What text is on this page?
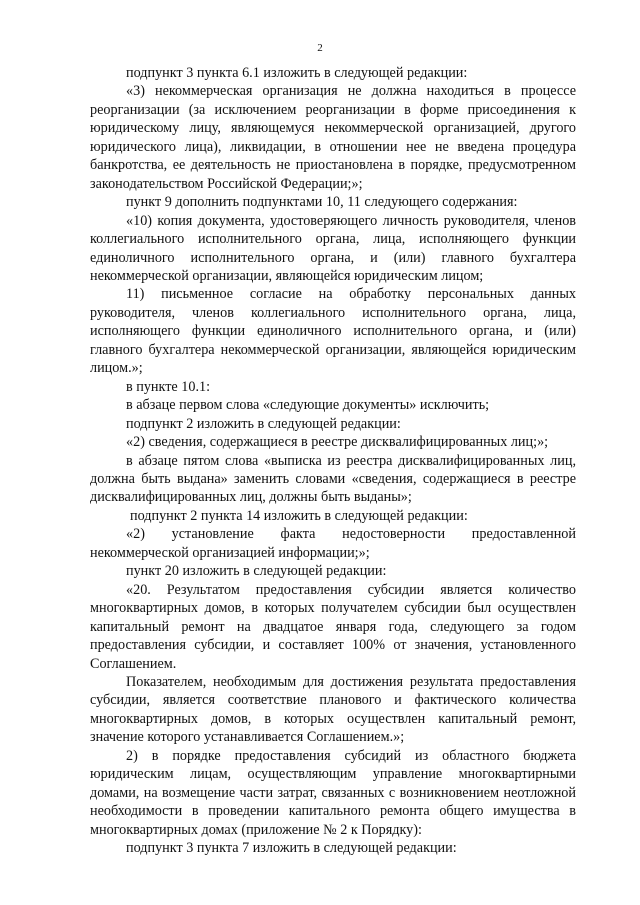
2

подпункт 3 пункта 6.1 изложить в следующей редакции:

«3) некоммерческая организация не должна находиться в процессе реорганизации (за исключением реорганизации в форме присоединения к юридическому лицу, являющемуся некоммерческой организацией, другого юридического лица), ликвидации, в отношении нее не введена процедура банкротства, ее деятельность не приостановлена в порядке, предусмотренном законодательством Российской Федерации;»;

пункт 9 дополнить подпунктами 10, 11 следующего содержания:

«10) копия документа, удостоверяющего личность руководителя, членов коллегиального исполнительного органа, лица, исполняющего функции единоличного исполнительного органа, и (или) главного бухгалтера некоммерческой организации, являющейся юридическим лицом;

11) письменное согласие на обработку персональных данных руководителя, членов коллегиального исполнительного органа, лица, исполняющего функции единоличного исполнительного органа, и (или) главного бухгалтера некоммерческой организации, являющейся юридическим лицом.»;

в пункте 10.1:

в абзаце первом слова «следующие документы» исключить;

подпункт 2 изложить в следующей редакции:

«2) сведения, содержащиеся в реестре дисквалифицированных лиц;»;

в абзаце пятом слова «выписка из реестра дисквалифицированных лиц, должна быть выдана» заменить словами «сведения, содержащиеся в реестре дисквалифицированных лиц, должны быть выданы»;

подпункт 2 пункта 14 изложить в следующей редакции:

«2) установление факта недостоверности предоставленной некоммерческой организацией информации;»;

пункт 20 изложить в следующей редакции:

«20. Результатом предоставления субсидии является количество многоквартирных домов, в которых получателем субсидии был осуществлен капитальный ремонт на двадцатое января года, следующего за годом предоставления субсидии, и составляет 100% от значения, установленного Соглашением.

Показателем, необходимым для достижения результата предоставления субсидии, является соответствие планового и фактического количества многоквартирных домов, в которых осуществлен капитальный ремонт, значение которого устанавливается Соглашением.»;

2) в порядке предоставления субсидий из областного бюджета юридическим лицам, осуществляющим управление многоквартирными домами, на возмещение части затрат, связанных с возникновением неотложной необходимости в проведении капитального ремонта общего имущества в многоквартирных домах (приложение № 2 к Порядку):

подпункт 3 пункта 7 изложить в следующей редакции:
